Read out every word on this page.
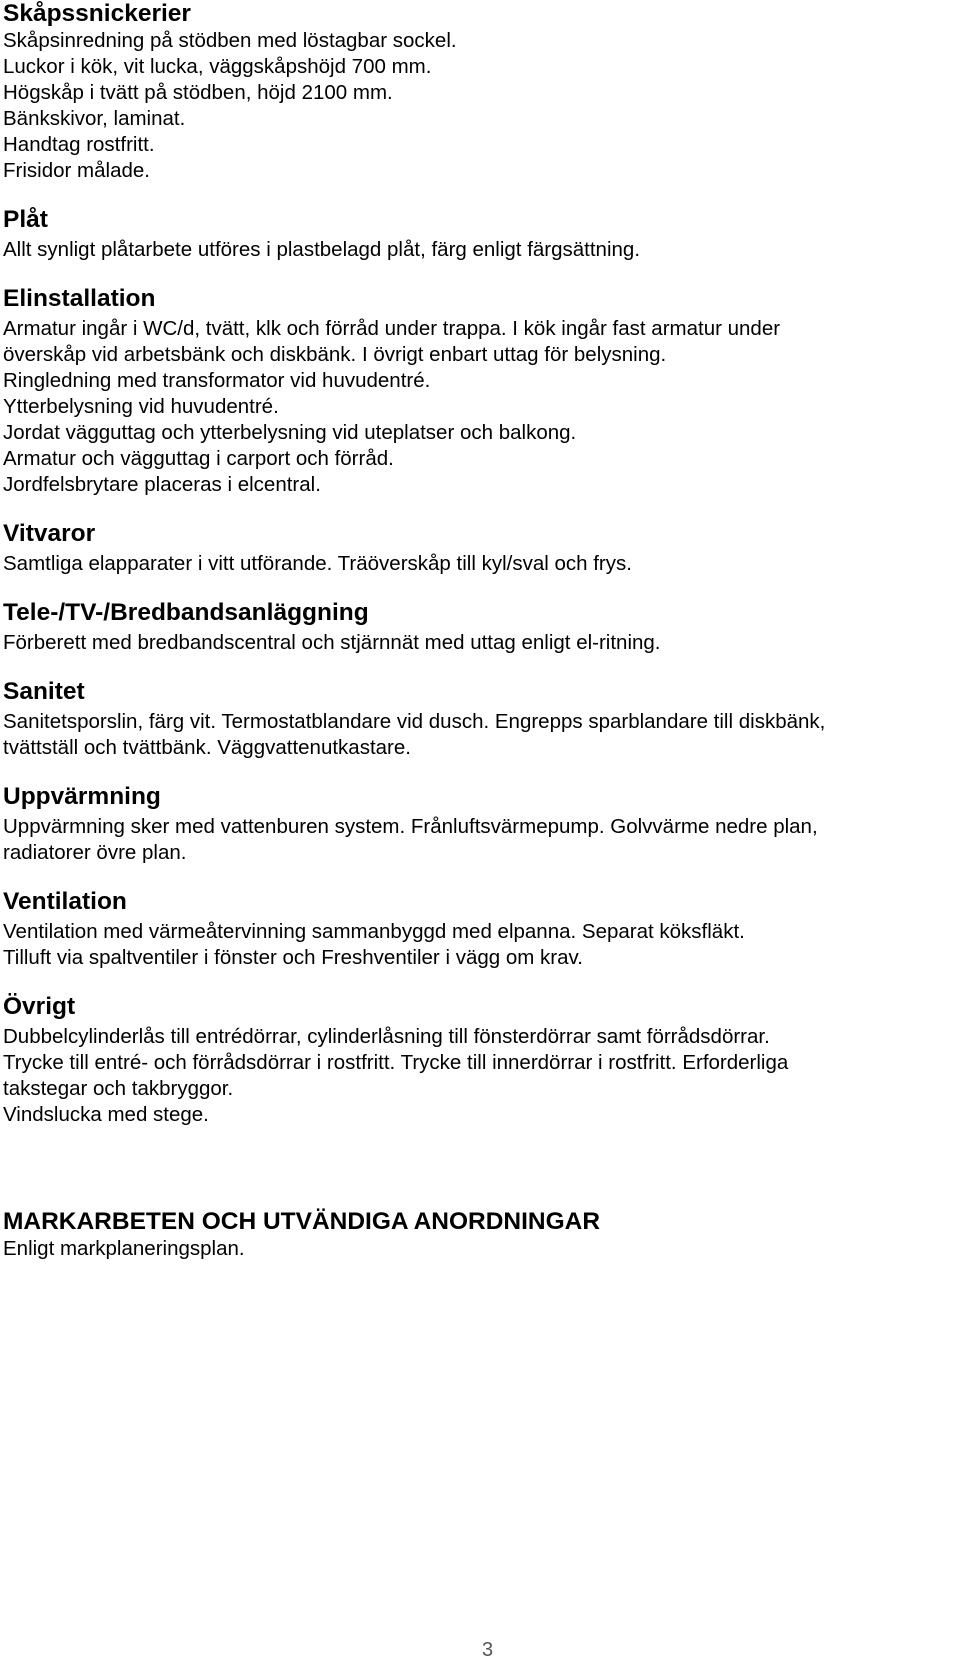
Skåpssnickerier

Skåpsinredning på stödben med löstagbar sockel.

Luckor i kök, vit lucka, väggskåpshöjd 700 mm.

Högskåp i tvätt på stödben, höjd 2100 mm.

Bänkskivor, laminat.

Handtag rostfritt.

Frisidor målade.

Plåt

Allt synligt plåtarbete utföres i plastbelagd plåt, färg enligt färgsättning.

Elinstallation

Armatur ingår i WC/d, tvätt, klk och förråd under trappa. I kök ingår fast armatur under

överskåp vid arbetsbänk och diskbänk. I övrigt enbart uttag för belysning.

Ringledning med transformator vid huvudentré.

Ytterbelysning vid huvudentré.

Jordat vägguttag och ytterbelysning vid uteplatser och balkong.

Armatur och vägguttag i carport och förråd.

Jordfelsbrytare placeras i elcentral.

Vitvaror

Samtliga elapparater i vitt utförande. Träöverskåp till kyl/sval och frys.

Tele-/TV-/Bredbandsanläggning

Förberett med bredbandscentral och stjärnnät med uttag enligt el-ritning.

Sanitet

Sanitetsporslin, färg vit. Termostatblandare vid dusch. Engrepps sparblandare till diskbänk,

tvättställ och tvättbänk. Väggvattenutkastare.

Uppvärmning

Uppvärmning sker med vattenburen system. Frånluftsvärmepump. Golvvärme nedre plan,

radiatorer övre plan.

Ventilation

Ventilation med värmeåtervinning sammanbyggd med elpanna. Separat köksfläkt.

Tilluft via spaltventiler i fönster och Freshventiler i vägg om krav.

Övrigt

Dubbelcylinderlås till entrédörrar, cylinderlåsning till fönsterdörrar samt förrådsdörrar.

Trycke till entré- och förrådsdörrar i rostfritt. Trycke till innerdörrar i rostfritt. Erforderliga

takstegar och takbryggor.

Vindslucka med stege.

MARKARBETEN OCH UTVÄNDIGA ANORDNINGAR

Enligt markplaneringsplan.

3
